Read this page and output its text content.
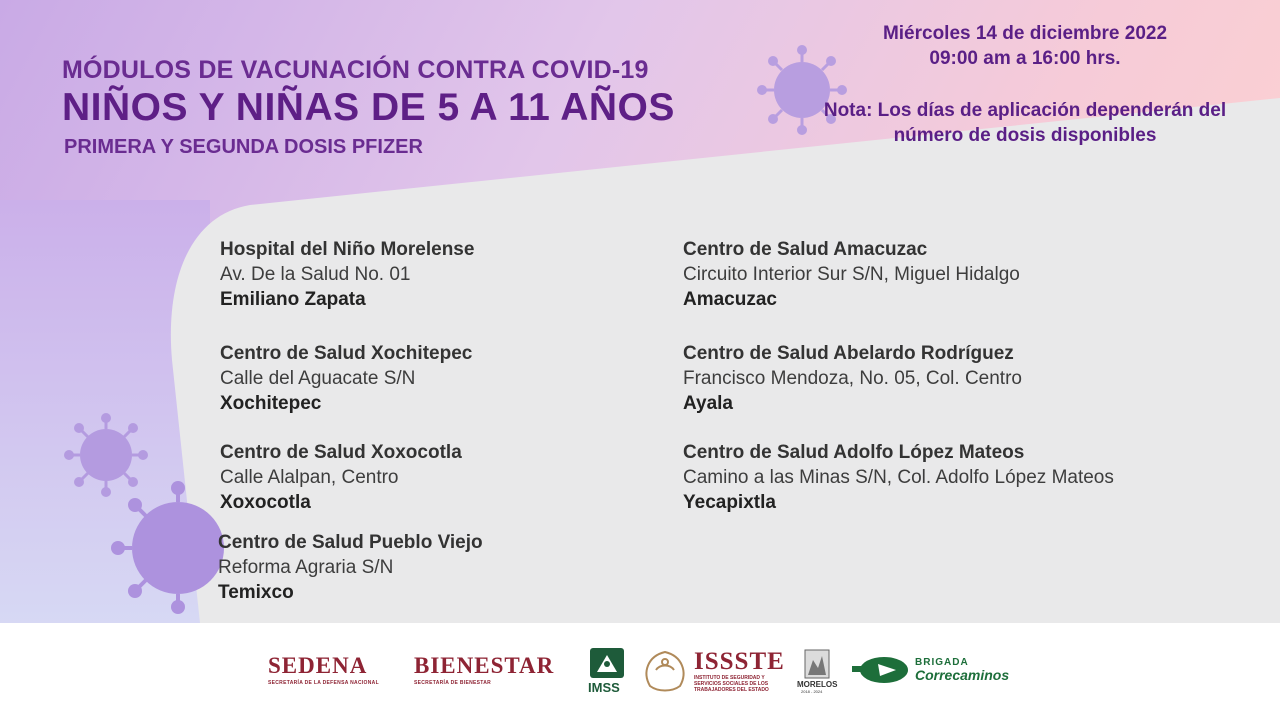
MÓDULOS DE VACUNACIÓN CONTRA COVID-19
NIÑOS Y NIÑAS DE 5 A 11 AÑOS
PRIMERA Y SEGUNDA DOSIS PFIZER
Miércoles 14 de diciembre 2022
09:00 am a 16:00 hrs.
Nota: Los días de aplicación dependerán del
número de dosis disponibles
Hospital del Niño Morelense
Av. De la Salud No. 01
Emiliano Zapata
Centro de Salud Xochitepec
Calle del Aguacate S/N
Xochitepec
Centro de Salud Xoxocotla
Calle Alalpan, Centro
Xoxocotla
Centro de Salud Pueblo Viejo
Reforma Agraria S/N
Temixco
Centro de Salud Amacuzac
Circuito Interior Sur S/N, Miguel Hidalgo
Amacuzac
Centro de Salud Abelardo Rodríguez
Francisco Mendoza, No. 05, Col. Centro
Ayala
Centro de Salud Adolfo López Mateos
Camino a las Minas S/N, Col. Adolfo López Mateos
Yecapixtla
SEDENA
SECRETARÍA DE LA DEFENSA NACIONAL
BIENESTAR
SECRETARÍA DE BIENESTAR	IMSS
ISSSTE
INSTITUTO DE SEGURIDAD Y SERVICIOS SOCIALES DE LOS TRABAJADORES DEL ESTADO
MORELOS
2018 - 2024
BRIGADA
Correcaminos
